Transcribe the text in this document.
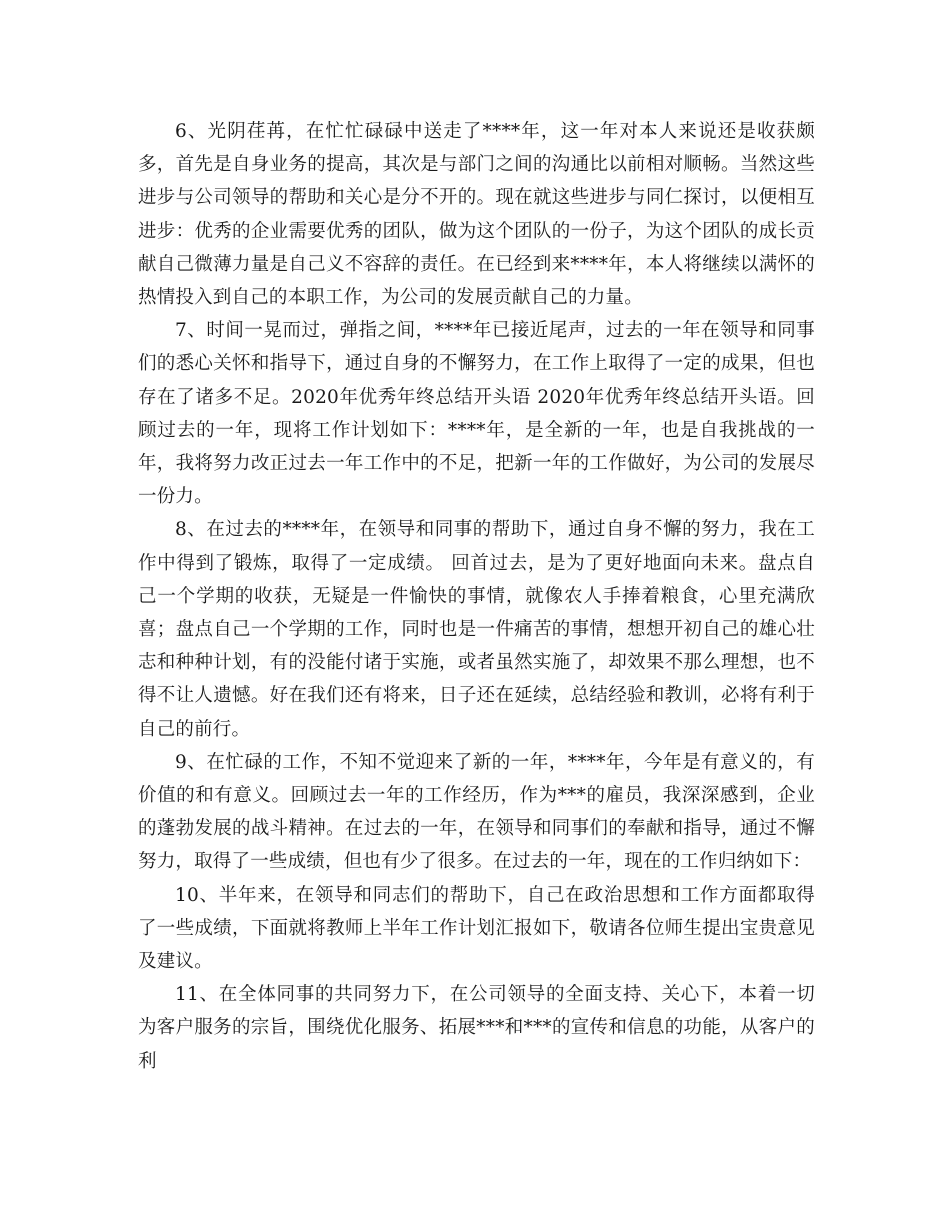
6、光阴荏苒，在忙忙碌碌中送走了****年，这一年对本人来说还是收获颇多，首先是自身业务的提高，其次是与部门之间的沟通比以前相对顺畅。当然这些进步与公司领导的帮助和关心是分不开的。现在就这些进步与同仁探讨，以便相互进步：优秀的企业需要优秀的团队，做为这个团队的一份子，为这个团队的成长贡献自己微薄力量是自己义不容辞的责任。在已经到来****年，本人将继续以满怀的热情投入到自己的本职工作，为公司的发展贡献自己的力量。

7、时间一晃而过，弹指之间，****年已接近尾声，过去的一年在领导和同事们的悉心关怀和指导下，通过自身的不懈努力，在工作上取得了一定的成果，但也存在了诸多不足。2020年优秀年终总结开头语 2020年优秀年终总结开头语。回顾过去的一年，现将工作计划如下：****年，是全新的一年，也是自我挑战的一年，我将努力改正过去一年工作中的不足，把新一年的工作做好，为公司的发展尽一份力。

8、在过去的****年，在领导和同事的帮助下，通过自身不懈的努力，我在工作中得到了锻炼，取得了一定成绩。 回首过去，是为了更好地面向未来。盘点自己一个学期的收获，无疑是一件愉快的事情，就像农人手捧着粮食，心里充满欣喜；盘点自己一个学期的工作，同时也是一件痛苦的事情，想想开初自己的雄心壮志和种种计划，有的没能付诸于实施，或者虽然实施了，却效果不那么理想，也不得不让人遗憾。好在我们还有将来，日子还在延续，总结经验和教训，必将有利于自己的前行。

9、在忙碌的工作，不知不觉迎来了新的一年，****年，今年是有意义的，有价值的和有意义。回顾过去一年的工作经历，作为***的雇员，我深深感到，企业的蓬勃发展的战斗精神。在过去的一年，在领导和同事们的奉献和指导，通过不懈努力，取得了一些成绩，但也有少了很多。在过去的一年，现在的工作归纳如下：

10、半年来，在领导和同志们的帮助下，自己在政治思想和工作方面都取得了一些成绩，下面就将教师上半年工作计划汇报如下，敬请各位师生提出宝贵意见及建议。

11、在全体同事的共同努力下，在公司领导的全面支持、关心下，本着一切为客户服务的宗旨，围绕优化服务、拓展***和***的宣传和信息的功能，从客户的利
